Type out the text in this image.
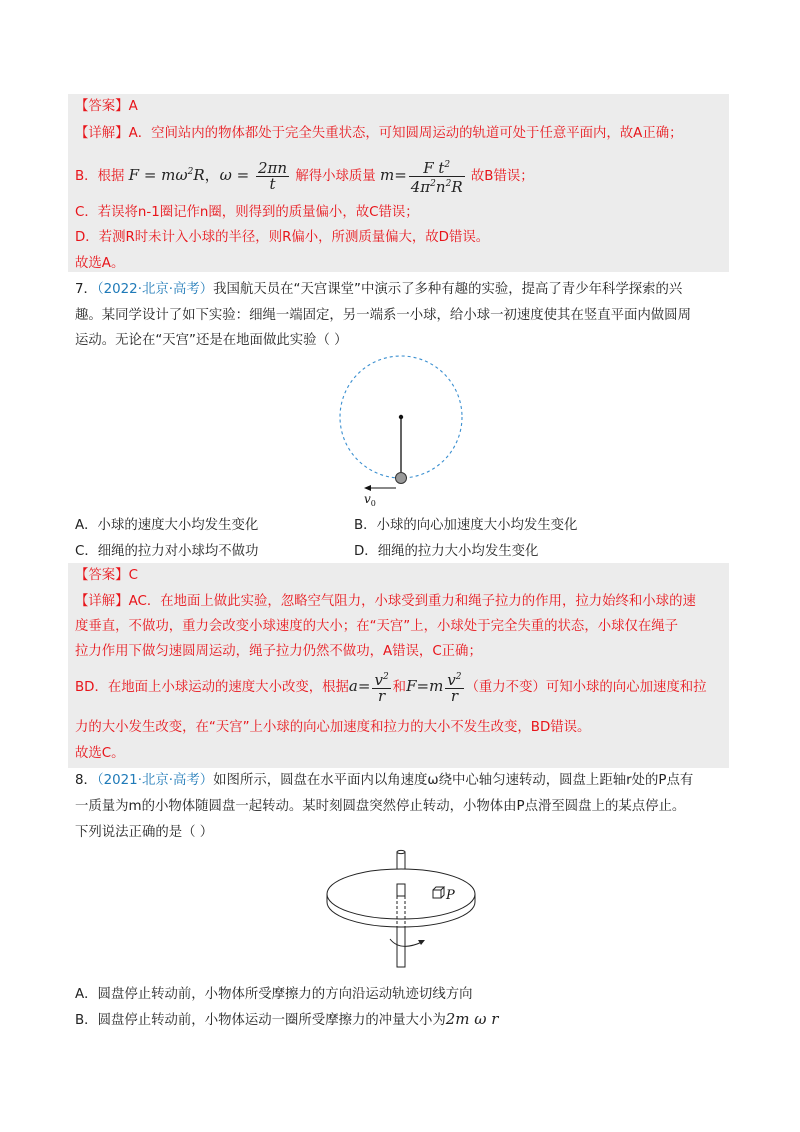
【答案】A
【详解】A．空间站内的物体都处于完全失重状态，可知圆周运动的轨道可处于任意平面内，故A正确；
B．根据 $F = m\omega^2R$，$\omega = \frac{2\pi n}{t}$ 解得小球质量 $m= \frac{F t^2}{4\pi^2n^2R}$ 故B错误；
C．若误将n-1圈记作n圈，则得到的质量偏小，故C错误；
D．若测R时未计入小球的半径，则R偏小，所测质量偏大，故D错误。
故选A。
7．（2022·北京·高考）我国航天员在“天宫课堂”中演示了多种有趣的实验，提高了青少年科学探索的兴
趣。某同学设计了如下实验：细绳一端固定，另一端系一小球，给小球一初速度使其在竖直平面内做圆周
运动。无论在“天宫”还是在地面做此实验（ ）
$v_0$
A．小球的速度大小均发生变化	B．小球的向心加速度大小均发生变化
C．细绳的拉力对小球均不做功	D．细绳的拉力大小均发生变化
【答案】C
【详解】AC．在地面上做此实验，忽略空气阻力，小球受到重力和绳子拉力的作用，拉力始终和小球的速
度垂直，不做功，重力会改变小球速度的大小；在“天宫”上，小球处于完全失重的状态，小球仅在绳子
拉力作用下做匀速圆周运动，绳子拉力仍然不做功，A错误，C正确；
BD．在地面上小球运动的速度大小改变，根据$a= \frac{v^2}{r}$ 和$F=m \frac{v^2}{r}$ （重力不变）可知小球的向心加速度和拉
力的大小发生改变，在“天宫”上小球的向心加速度和拉力的大小不发生改变，BD错误。
故选C。
8．（2021·北京·高考）如图所示，圆盘在水平面内以角速度ω绕中心轴匀速转动，圆盘上距轴r处的P点有
一质量为m的小物体随圆盘一起转动。某时刻圆盘突然停止转动，小物体由P点滑至圆盘上的某点停止。
下列说法正确的是（ ）
P
A．圆盘停止转动前，小物体所受摩擦力的方向沿运动轨迹切线方向
B．圆盘停止转动前，小物体运动一圈所受摩擦力的冲量大小为2m ω r
